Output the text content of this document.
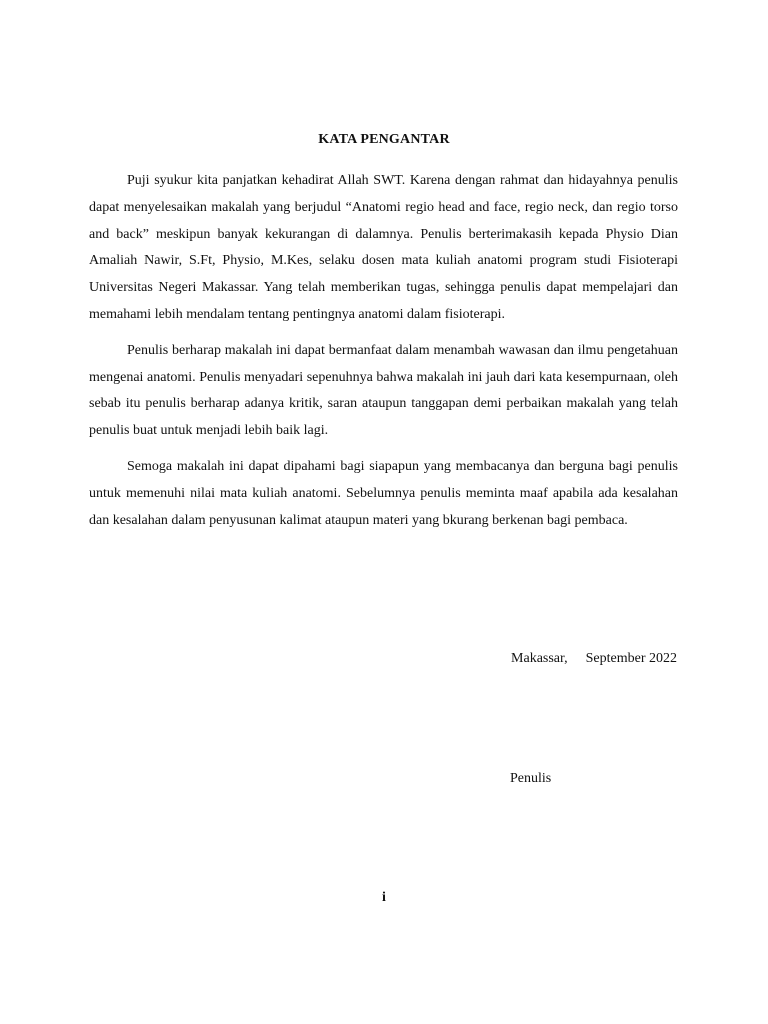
KATA PENGANTAR

Puji syukur kita panjatkan kehadirat Allah SWT. Karena dengan rahmat dan hidayahnya penulis dapat menyelesaikan makalah yang berjudul “Anatomi regio head and face, regio neck, dan regio torso and back” meskipun banyak kekurangan di dalamnya. Penulis berterimakasih kepada Physio Dian Amaliah Nawir, S.Ft, Physio, M.Kes, selaku dosen mata kuliah anatomi program studi Fisioterapi Universitas Negeri Makassar. Yang telah memberikan tugas, sehingga penulis dapat mempelajari dan memahami lebih mendalam tentang pentingnya anatomi dalam fisioterapi.

Penulis berharap makalah ini dapat bermanfaat dalam menambah wawasan dan ilmu pengetahuan mengenai anatomi. Penulis menyadari sepenuhnya bahwa makalah ini jauh dari kata kesempurnaan, oleh sebab itu penulis berharap adanya kritik, saran ataupun tanggapan demi perbaikan makalah yang telah penulis buat untuk menjadi lebih baik lagi.

Semoga makalah ini dapat dipahami bagi siapapun yang membacanya dan berguna bagi penulis untuk memenuhi nilai mata kuliah anatomi. Sebelumnya penulis meminta maaf apabila ada kesalahan dan kesalahan dalam penyusunan kalimat ataupun materi yang bkurang berkenan bagi pembaca.

Makassar, September 2022
Penulis
i
